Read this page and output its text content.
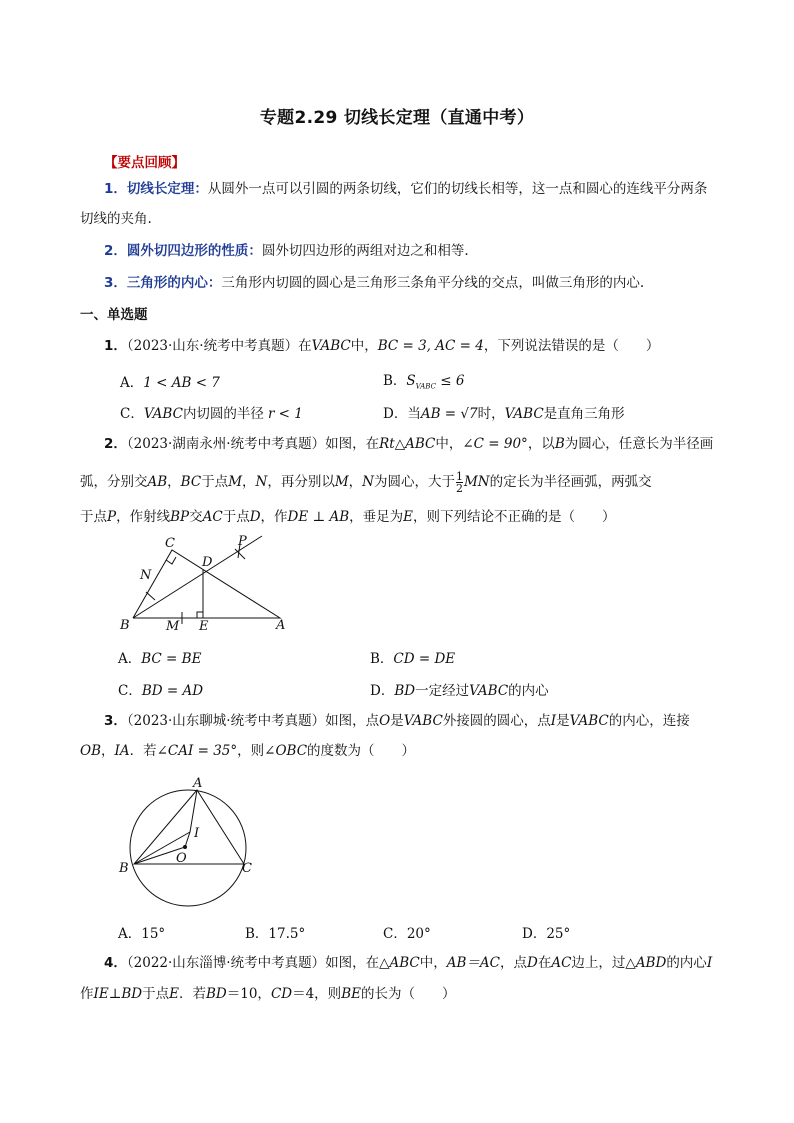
专题2.29 切线长定理（直通中考）
【要点回顾】
1．切线长定理：从圆外一点可以引圆的两条切线，它们的切线长相等，这一点和圆心的连线平分两条
切线的夹角.
2．圆外切四边形的性质：圆外切四边形的两组对边之和相等.
3．三角形的内心：三角形内切圆的圆心是三角形三条角平分线的交点，叫做三角形的内心.
一、单选题
1．（2023·山东·统考中考真题）在VABC中，BC = 3, AC = 4，下列说法错误的是（　　）
A．1 < AB < 7	B．$S_{VABC} \le 6$
C．VABC内切圆的半径 r < 1	D．当AB = √7时，VABC是直角三角形
2．（2023·湖南永州·统考中考真题）如图，在Rt△ABC中，∠C = 90°，以B为圆心，任意长为半径画
弧，分别交AB，BC于点M，N，再分别以M，N为圆心，大于 $\frac{1}{2}$ MN的定长为半径画弧，两弧交
于点P，作射线BP交AC于点D，作DE ⊥ AB，垂足为E，则下列结论不正确的是（　　）
C	P
N
D
B	M E	A
A．BC = BE	B．CD = DE
C．BD = AD	D．BD一定经过VABC的内心
3．（2023·山东聊城·统考中考真题）如图，点O是VABC外接圆的圆心，点I是VABC的内心，连接
OB，IA．若∠CAI = 35°，则∠OBC的度数为（　　）
A
I
O
B	C
A．15°	B．17.5°	C．20°	D．25°
4．（2022·山东淄博·统考中考真题）如图，在△ABC中，AB＝AC，点D在AC边上，过△ABD的内心I
作IE⊥BD于点E．若BD＝10，CD＝4，则BE的长为（　　）
